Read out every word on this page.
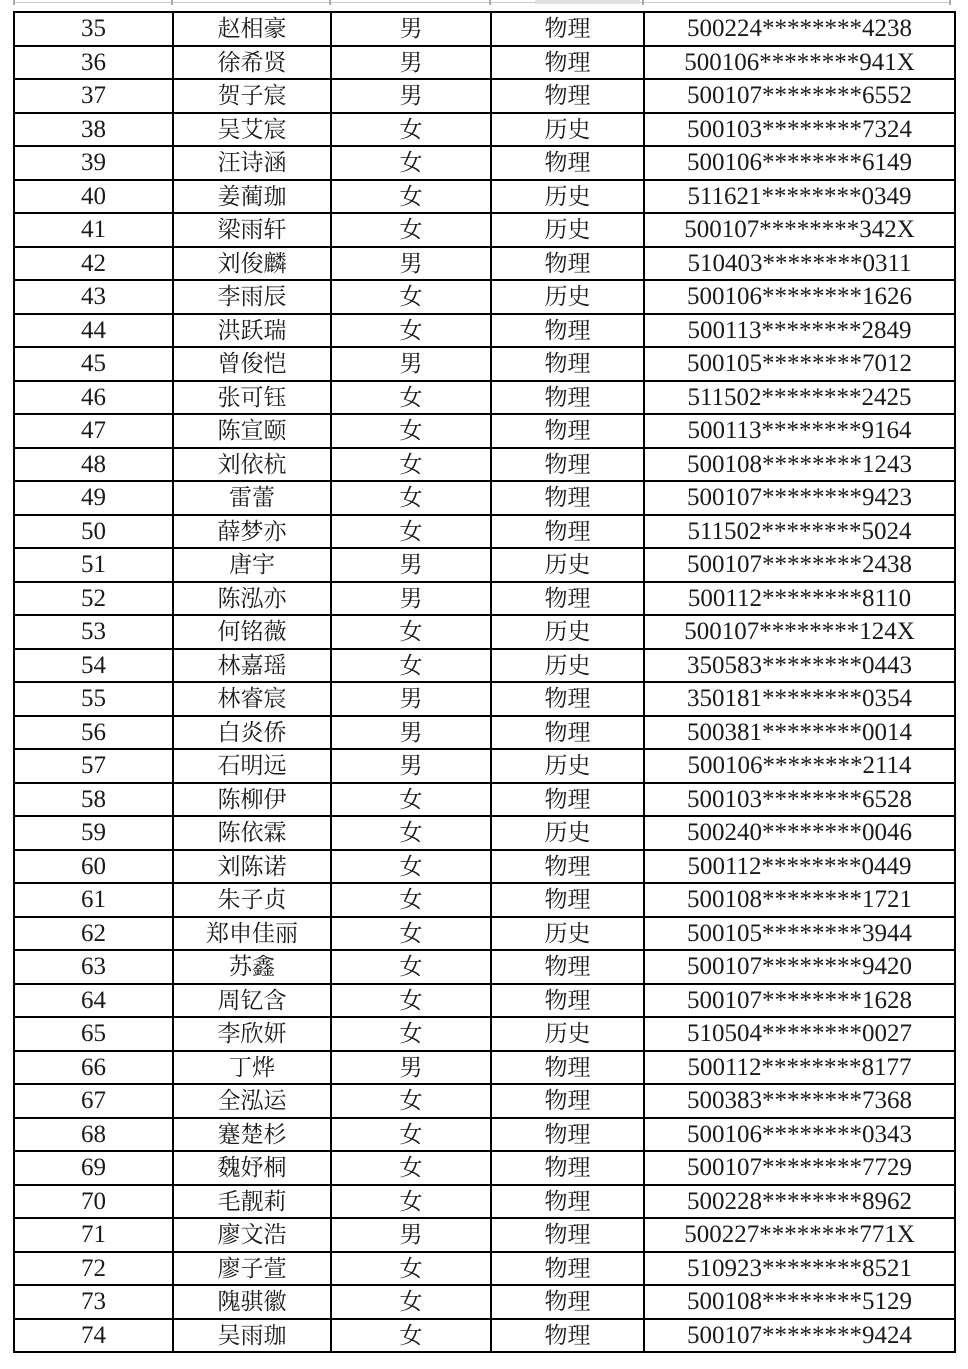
35	赵相豪	男	物理	500224********4238
36	徐希贤	男	物理	500106********941X
37	贺子宸	男	物理	500107********6552
38	吴艾宸	女	历史	500103********7324
39	汪诗涵	女	物理	500106********6149
40	姜蔺珈	女	历史	511621********0349
41	梁雨轩	女	历史	500107********342X
42	刘俊麟	男	物理	510403********0311
43	李雨辰	女	历史	500106********1626
44	洪跃瑞	女	物理	500113********2849
45	曾俊恺	男	物理	500105********7012
46	张可钰	女	物理	511502********2425
47	陈宣颐	女	物理	500113********9164
48	刘依杭	女	物理	500108********1243
49	雷蕾	女	物理	500107********9423
50	薛梦亦	女	物理	511502********5024
51	唐宇	男	历史	500107********2438
52	陈泓亦	男	物理	500112********8110
53	何铭薇	女	历史	500107********124X
54	林嘉瑶	女	历史	350583********0443
55	林睿宸	男	物理	350181********0354
56	白炎侨	男	物理	500381********0014
57	石明远	男	历史	500106********2114
58	陈柳伊	女	物理	500103********6528
59	陈依霖	女	历史	500240********0046
60	刘陈诺	女	物理	500112********0449
61	朱子贞	女	物理	500108********1721
62	郑申佳丽	女	历史	500105********3944
63	苏鑫	女	物理	500107********9420
64	周钇含	女	物理	500107********1628
65	李欣妍	女	历史	510504********0027
66	丁烨	男	物理	500112********8177
67	全泓运	女	物理	500383********7368
68	蹇楚杉	女	物理	500106********0343
69	魏妤桐	女	物理	500107********7729
70	毛靓莉	女	物理	500228********8962
71	廖文浩	男	物理	500227********771X
72	廖子萱	女	物理	510923********8521
73	隗骐徽	女	物理	500108********5129
74	吴雨珈	女	物理	500107********9424
